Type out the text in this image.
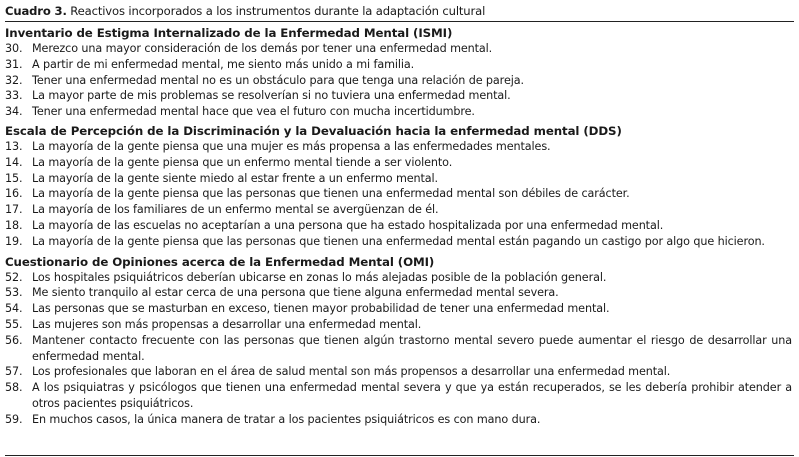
Cuadro 3. Reactivos incorporados a los instrumentos durante la adaptación cultural
Inventario de Estigma Internalizado de la Enfermedad Mental (ISMI)
30. Merezco una mayor consideración de los demás por tener una enfermedad mental.
31. A partir de mi enfermedad mental, me siento más unido a mi familia.
32. Tener una enfermedad mental no es un obstáculo para que tenga una relación de pareja.
33. La mayor parte de mis problemas se resolverían si no tuviera una enfermedad mental.
34. Tener una enfermedad mental hace que vea el futuro con mucha incertidumbre.
Escala de Percepción de la Discriminación y la Devaluación hacia la enfermedad mental (DDS)
13. La mayoría de la gente piensa que una mujer es más propensa a las enfermedades mentales.
14. La mayoría de la gente piensa que un enfermo mental tiende a ser violento.
15. La mayoría de la gente siente miedo al estar frente a un enfermo mental.
16. La mayoría de la gente piensa que las personas que tienen una enfermedad mental son débiles de carácter.
17. La mayoría de los familiares de un enfermo mental se avergüenzan de él.
18. La mayoría de las escuelas no aceptarían a una persona que ha estado hospitalizada por una enfermedad mental.
19. La mayoría de la gente piensa que las personas que tienen una enfermedad mental están pagando un castigo por algo que hicieron.
Cuestionario de Opiniones acerca de la Enfermedad Mental (OMI)
52. Los hospitales psiquiátricos deberían ubicarse en zonas lo más alejadas posible de la población general.
53. Me siento tranquilo al estar cerca de una persona que tiene alguna enfermedad mental severa.
54. Las personas que se masturban en exceso, tienen mayor probabilidad de tener una enfermedad mental.
55. Las mujeres son más propensas a desarrollar una enfermedad mental.
56. Mantener contacto frecuente con las personas que tienen algún trastorno mental severo puede aumentar el riesgo de desarrollar una enfermedad mental.
57. Los profesionales que laboran en el área de salud mental son más propensos a desarrollar una enfermedad mental.
58. A los psiquiatras y psicólogos que tienen una enfermedad mental severa y que ya están recuperados, se les debería prohibir atender a otros pacientes psiquiátricos.
59. En muchos casos, la única manera de tratar a los pacientes psiquiátricos es con mano dura.
